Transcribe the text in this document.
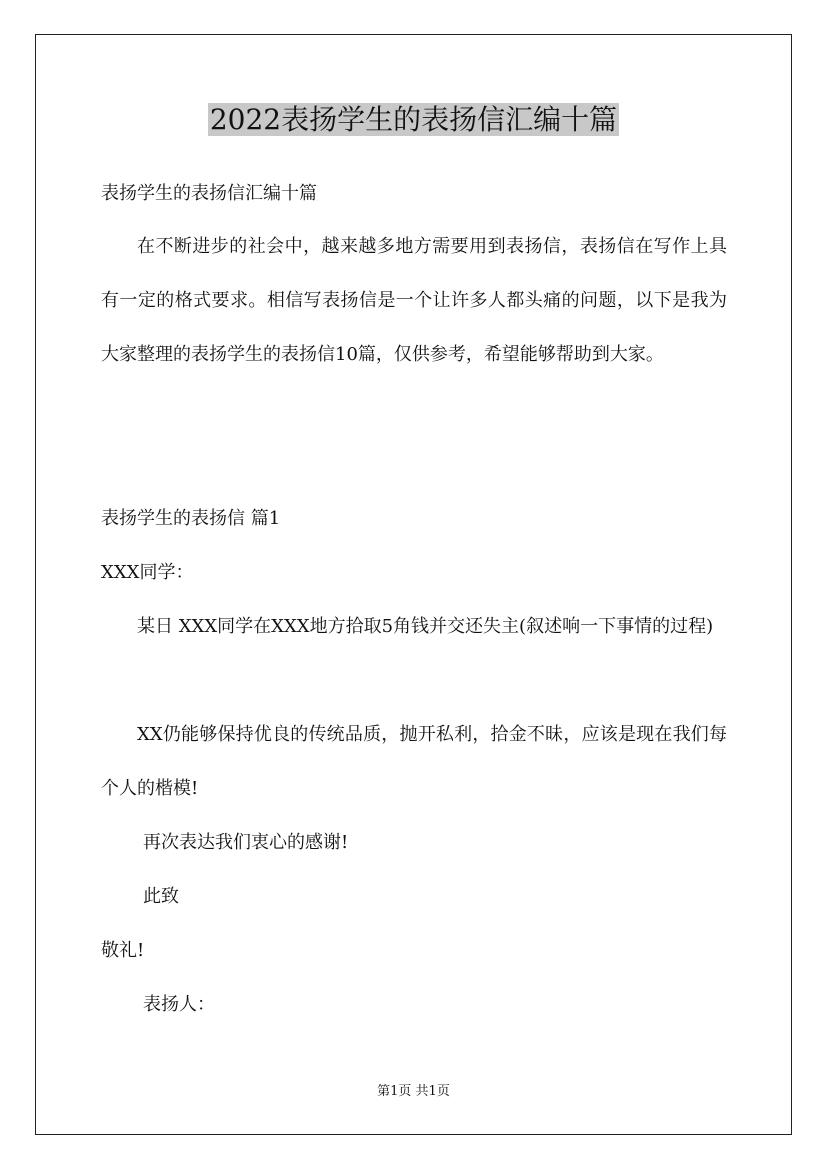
2022表扬学生的表扬信汇编十篇
表扬学生的表扬信汇编十篇

在不断进步的社会中，越来越多地方需要用到表扬信，表扬信在写作上具有一定的格式要求。相信写表扬信是一个让许多人都头痛的问题，以下是我为大家整理的表扬学生的表扬信10篇，仅供参考，希望能够帮助到大家。

表扬学生的表扬信 篇1
XXX同学：

某日 XXX同学在XXX地方拾取5角钱并交还失主(叙述响一下事情的过程)

XX仍能够保持优良的传统品质，抛开私利，拾金不昧，应该是现在我们每个人的楷模!

再次表达我们衷心的感谢!
此致
敬礼!
表扬人：
第1页 共1页
